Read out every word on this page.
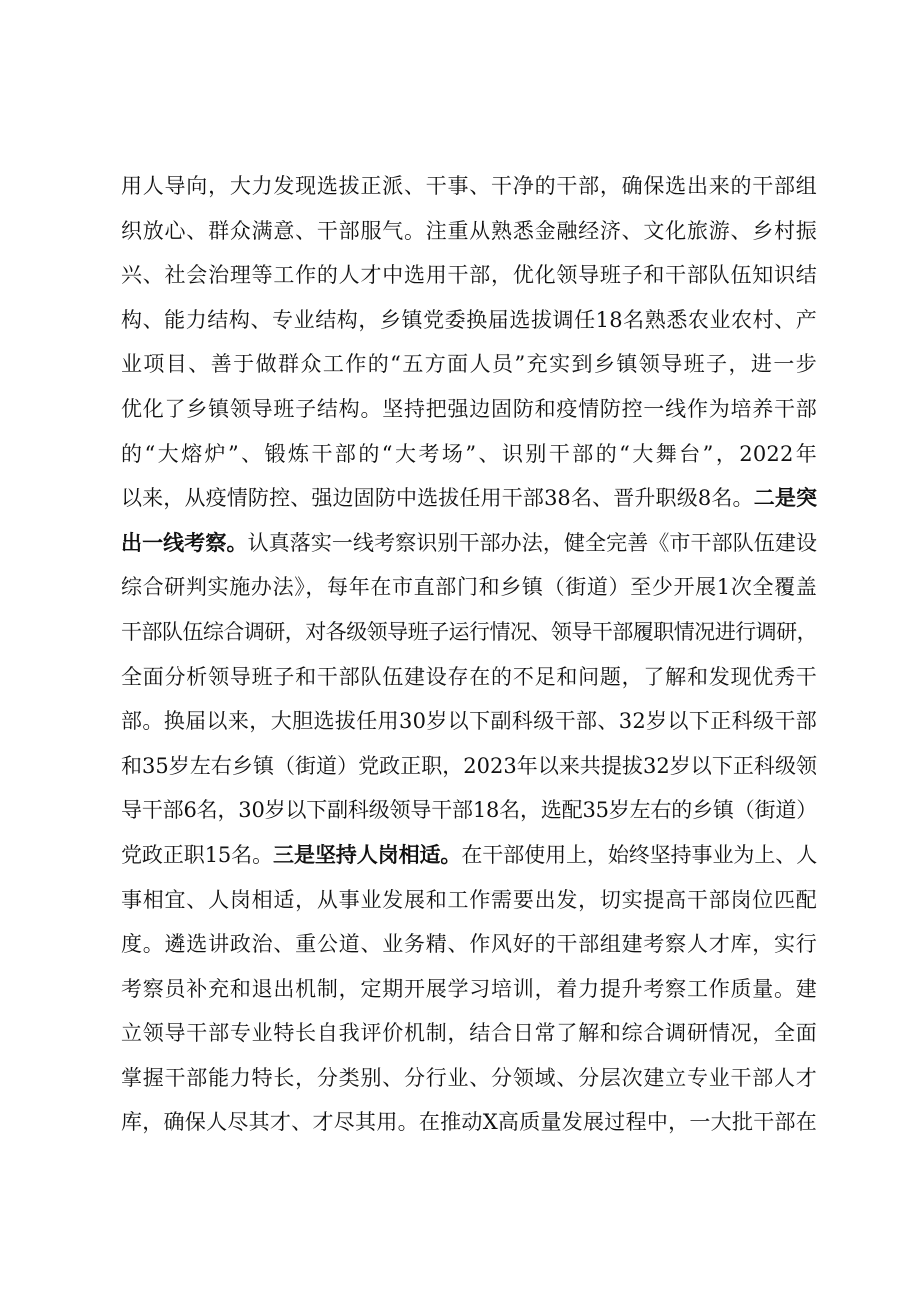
用人导向，大力发现选拔正派、干事、干净的干部，确保选出来的干部组
织放心、群众满意、干部服气。注重从熟悉金融经济、文化旅游、乡村振
兴、社会治理等工作的人才中选用干部，优化领导班子和干部队伍知识结
构、能力结构、专业结构，乡镇党委换届选拔调任18名熟悉农业农村、产
业项目、善于做群众工作的“五方面人员”充实到乡镇领导班子，进一步
优化了乡镇领导班子结构。坚持把强边固防和疫情防控一线作为培养干部
的“大熔炉”、锻炼干部的“大考场”、识别干部的“大舞台”，2022年
以来，从疫情防控、强边固防中选拔任用干部38名、晋升职级8名。二是突
出一线考察。认真落实一线考察识别干部办法，健全完善《市干部队伍建设
综合研判实施办法》，每年在市直部门和乡镇（街道）至少开展1次全覆盖
干部队伍综合调研，对各级领导班子运行情况、领导干部履职情况进行调研，
全面分析领导班子和干部队伍建设存在的不足和问题，了解和发现优秀干
部。换届以来，大胆选拔任用30岁以下副科级干部、32岁以下正科级干部
和35岁左右乡镇（街道）党政正职，2023年以来共提拔32岁以下正科级领
导干部6名，30岁以下副科级领导干部18名，选配35岁左右的乡镇（街道）
党政正职15名。三是坚持人岗相适。在干部使用上，始终坚持事业为上、人
事相宜、人岗相适，从事业发展和工作需要出发，切实提高干部岗位匹配
度。遴选讲政治、重公道、业务精、作风好的干部组建考察人才库，实行
考察员补充和退出机制，定期开展学习培训，着力提升考察工作质量。建
立领导干部专业特长自我评价机制，结合日常了解和综合调研情况，全面
掌握干部能力特长，分类别、分行业、分领域、分层次建立专业干部人才
库，确保人尽其才、才尽其用。在推动X高质量发展过程中，一大批干部在
